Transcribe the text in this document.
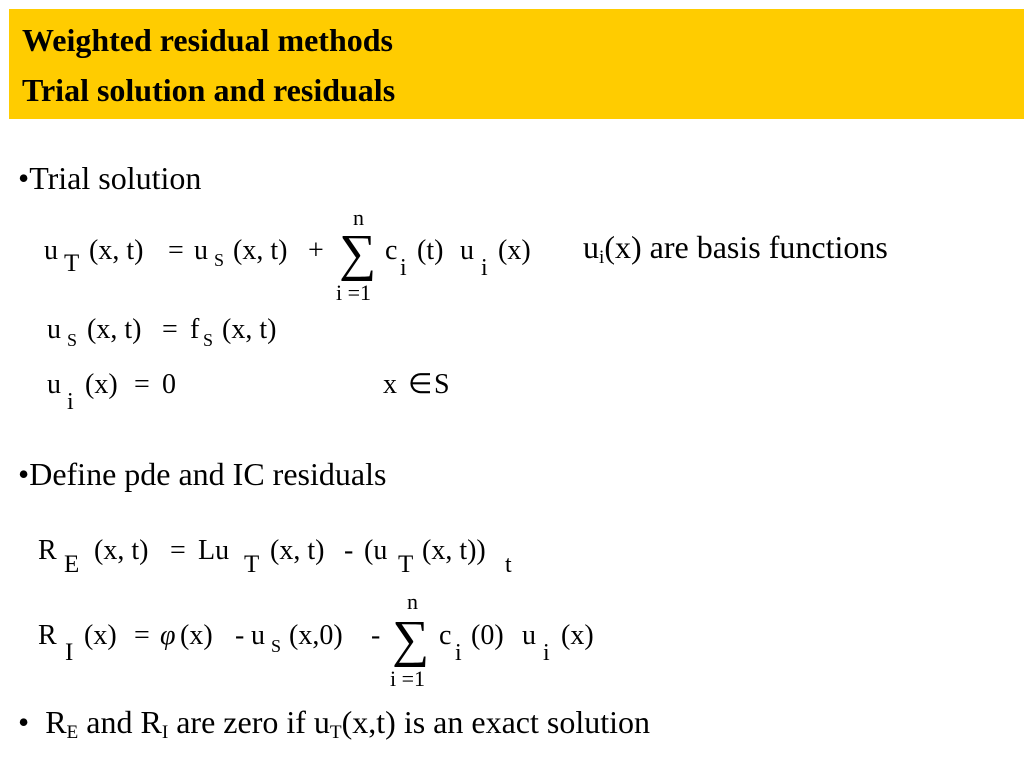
Weighted residual methods
Trial solution and residuals
•Trial solution
$u_i(x)$ are basis functions
•Define pde and IC residuals
• $R_E$ and $R_I$ are zero if $u_T(x,t)$ is an exact solution
u T (x, t) = u S (x, t) +
n
∑
i =1
c
i
(t) u
i
(x)
u S (x, t) = f S (x, t)
u
i
(x) = 0	x ∈ S
R E (x, t) = Lu T (x, t) - (u T (x, t)) t
R
I
(x) = φ (x) - u S (x,0) -
n
∑
i =1
c
i
(0) u
i
(x)
